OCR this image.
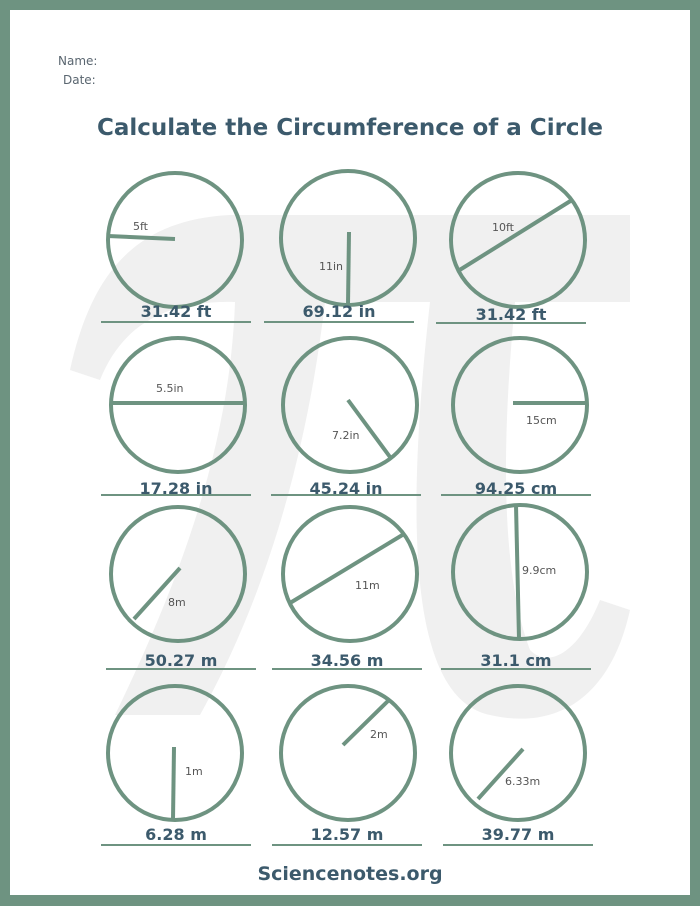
Name:
Date:
Calculate the Circumference of a Circle
5ft
31.42 ft
11in
69.12 in
10ft
31.42 ft
5.5in
17.28 in
7.2in
45.24 in
15cm
94.25 cm
8m
50.27 m
11m
34.56 m
9.9cm
31.1 cm
1m
6.28 m
2m
12.57 m
6.33m
39.77 m
Sciencenotes.org
